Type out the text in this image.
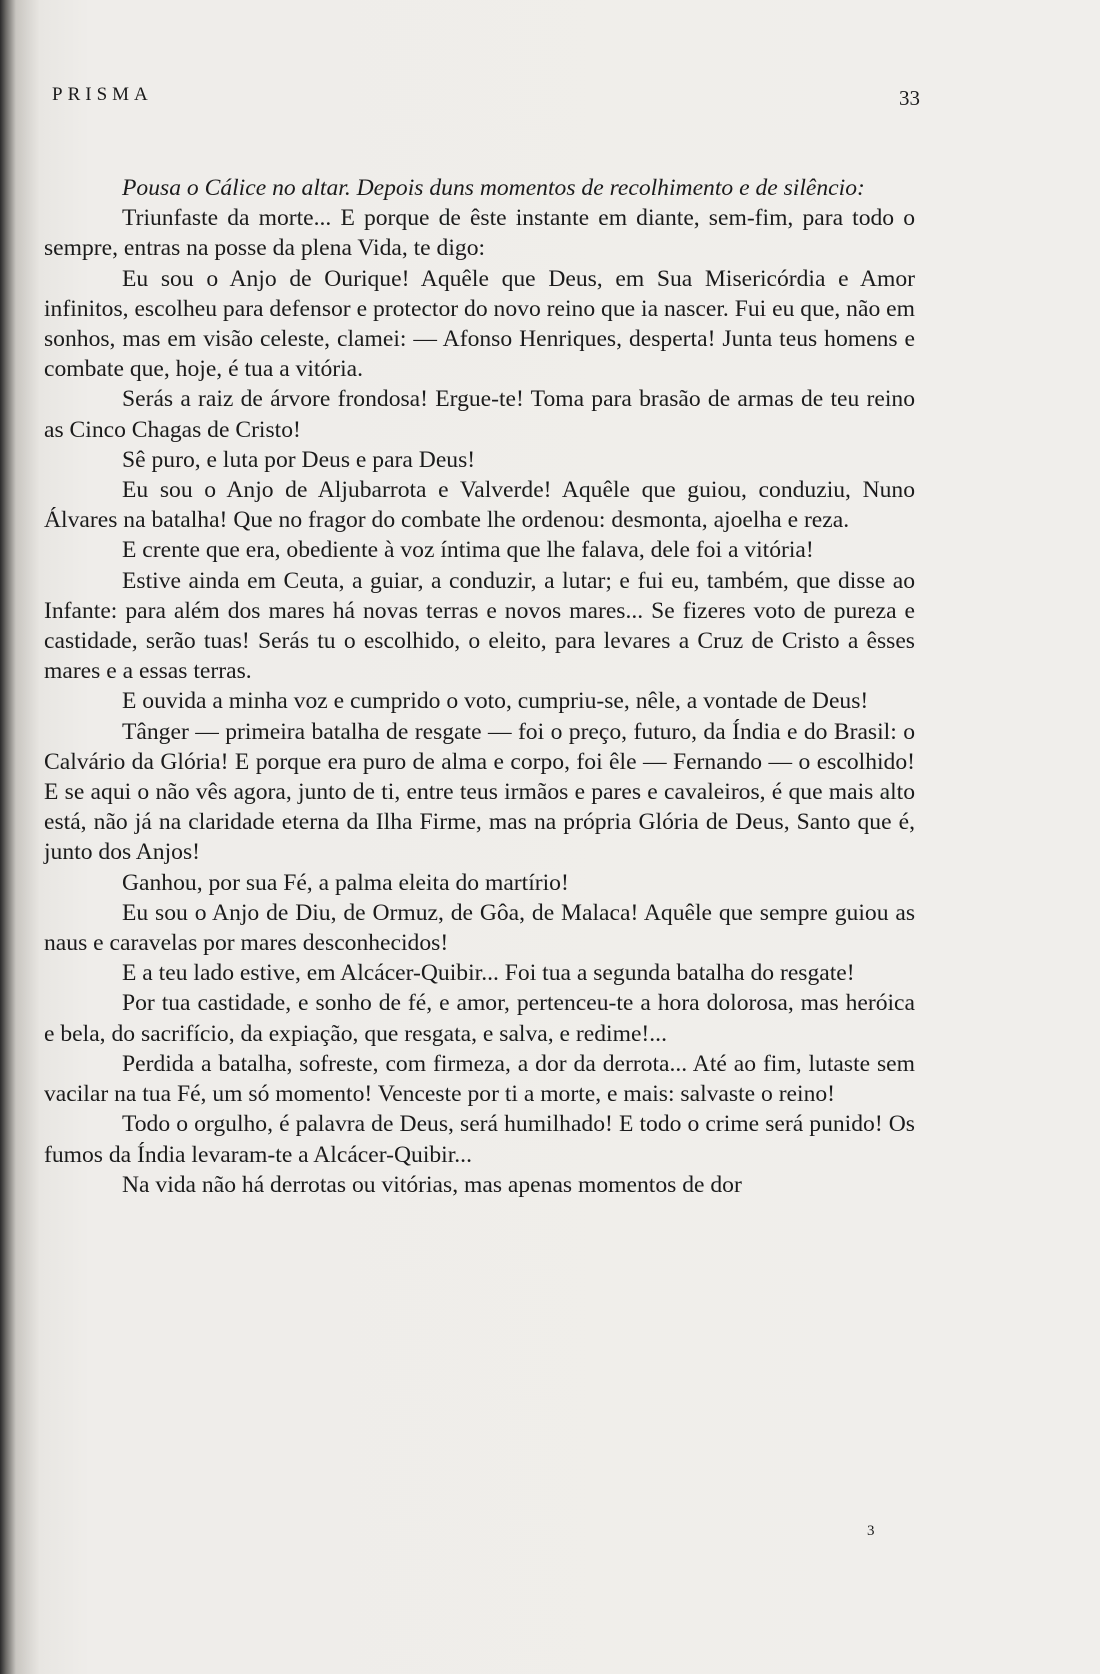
PRISMA	33

Pousa o Cálice no altar. Depois duns momentos de recolhimento e de silêncio:

Triunfaste da morte... E porque de êste instante em diante, sem-fim, para todo o sempre, entras na posse da plena Vida, te digo:

Eu sou o Anjo de Ourique! Aquêle que Deus, em Sua Misericórdia e Amor infinitos, escolheu para defensor e protector do novo reino que ia nascer. Fui eu que, não em sonhos, mas em visão celeste, clamei: — Afonso Henriques, desperta! Junta teus homens e combate que, hoje, é tua a vitória.

Serás a raiz de árvore frondosa! Ergue-te! Toma para brasão de armas de teu reino as Cinco Chagas de Cristo!

Sê puro, e luta por Deus e para Deus!

Eu sou o Anjo de Aljubarrota e Valverde! Aquêle que guiou, conduziu, Nuno Álvares na batalha! Que no fragor do combate lhe ordenou: desmonta, ajoelha e reza.

E crente que era, obediente à voz íntima que lhe falava, dele foi a vitória!

Estive ainda em Ceuta, a guiar, a conduzir, a lutar; e fui eu, também, que disse ao Infante: para além dos mares há novas terras e novos mares... Se fizeres voto de pureza e castidade, serão tuas! Serás tu o escolhido, o eleito, para levares a Cruz de Cristo a êsses mares e a essas terras.

E ouvida a minha voz e cumprido o voto, cumpriu-se, nêle, a vontade de Deus!

Tânger — primeira batalha de resgate — foi o preço, futuro, da Índia e do Brasil: o Calvário da Glória! E porque era puro de alma e corpo, foi êle — Fernando — o escolhido! E se aqui o não vês agora, junto de ti, entre teus irmãos e pares e cavaleiros, é que mais alto está, não já na claridade eterna da Ilha Firme, mas na própria Glória de Deus, Santo que é, junto dos Anjos!

Ganhou, por sua Fé, a palma eleita do martírio!

Eu sou o Anjo de Diu, de Ormuz, de Gôa, de Malaca! Aquêle que sempre guiou as naus e caravelas por mares desconhecidos!

E a teu lado estive, em Alcácer-Quibir... Foi tua a segunda batalha do resgate!

Por tua castidade, e sonho de fé, e amor, pertenceu-te a hora dolorosa, mas heróica e bela, do sacrifício, da expiação, que resgata, e salva, e redime!...

Perdida a batalha, sofreste, com firmeza, a dor da derrota... Até ao fim, lutaste sem vacilar na tua Fé, um só momento! Venceste por ti a morte, e mais: salvaste o reino!

Todo o orgulho, é palavra de Deus, será humilhado! E todo o crime será punido! Os fumos da Índia levaram-te a Alcácer-Quibir...

Na vida não há derrotas ou vitórias, mas apenas momentos de dor

3
